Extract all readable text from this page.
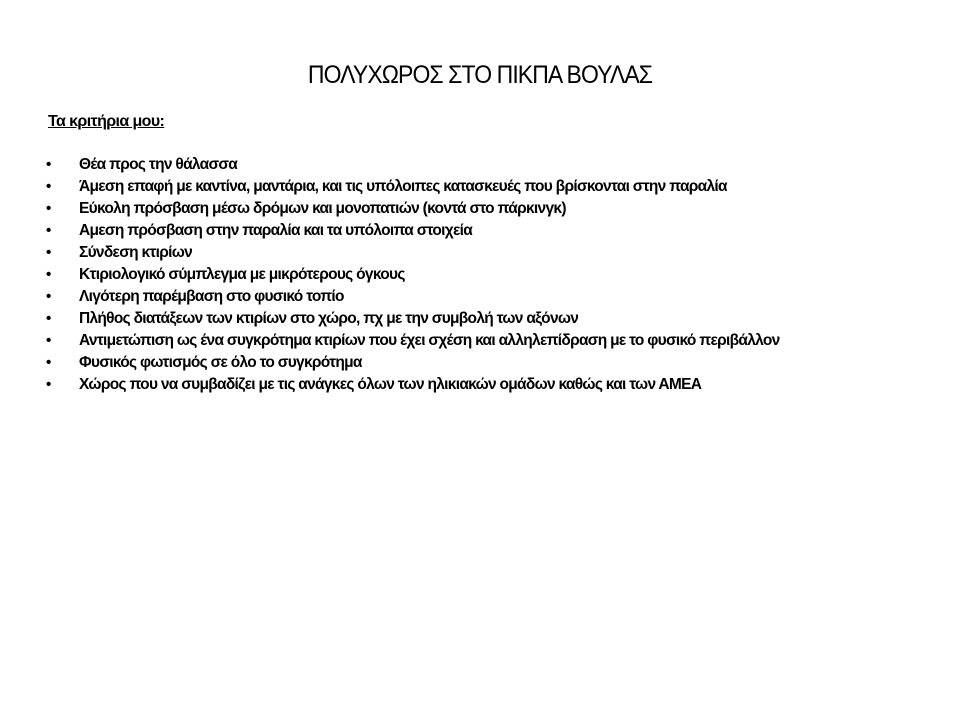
ΠΟΛΥΧΩΡΟΣ ΣΤΟ ΠΙΚΠΑ ΒΟΥΛΑΣ

Τα κριτήρια μου:

•	Θέα προς την θάλασσα
•	Άμεση επαφή με καντίνα, μαντάρια, και τις υπόλοιπες κατασκευές που βρίσκονται στην παραλία
•	Εύκολη πρόσβαση μέσω δρόμων και μονοπατιών (κοντά στο πάρκινγκ)
•	Αμεση πρόσβαση στην παραλία και τα υπόλοιπα στοιχεία
•	Σύνδεση κτιρίων
•	Κτιριολογικό σύμπλεγμα με μικρότερους όγκους
•	Λιγότερη παρέμβαση στο φυσικό τοπίο
•	Πλήθος διατάξεων των κτιρίων στο χώρο, πχ με την συμβολή των αξόνων
•	Αντιμετώπιση ως ένα συγκρότημα κτιρίων που έχει σχέση και αλληλεπίδραση με το φυσικό περιβάλλον
•	Φυσικός φωτισμός σε όλο το συγκρότημα
•	Χώρος που να συμβαδίζει με τις ανάγκες όλων των ηλικιακών ομάδων καθώς και των ΑΜΕΑ
